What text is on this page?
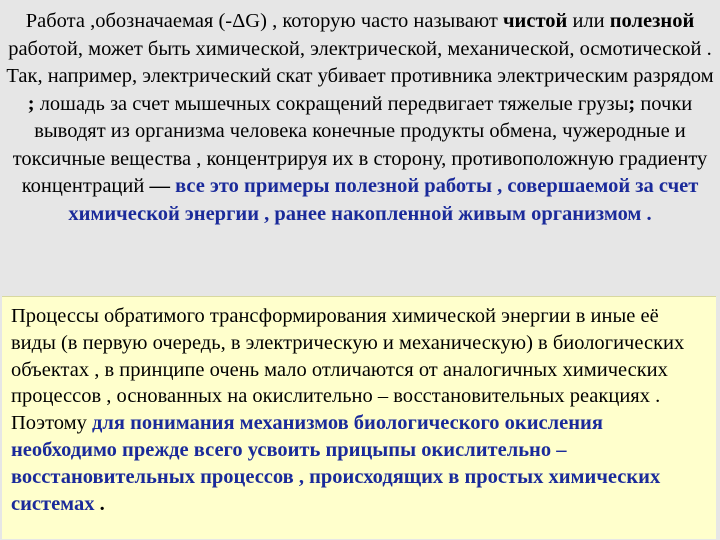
Работа ,обозначаемая (-ΔG) , которую часто называют чистой или полезной работой, может быть химической, электрической, механической, осмотической .

Так, например, электрический скат убивает противника электрическим разрядом ; лошадь за счет мышечных сокращений передвигает тяжелые грузы; почки выводят из организма человека конечные продукты обмена, чужеродные и токсичные вещества , концентрируя их в сторону, противоположную градиенту концентраций — все это примеры полезной работы , совершаемой за счет химической энергии , ранее накопленной живым организмом .

Процессы обратимого трансформирования химической энергии в иные её виды (в первую очередь, в электрическую и механическую) в биологических объектах , в принципе очень мало отличаются от аналогичных химических процессов , основанных на окислительно – восстановительных реакциях . Поэтому для понимания механизмов биологического окисления необходимо прежде всего усвоить прицыпы окислительно – восстановительных процессов , происходящих в простых химических системах .
